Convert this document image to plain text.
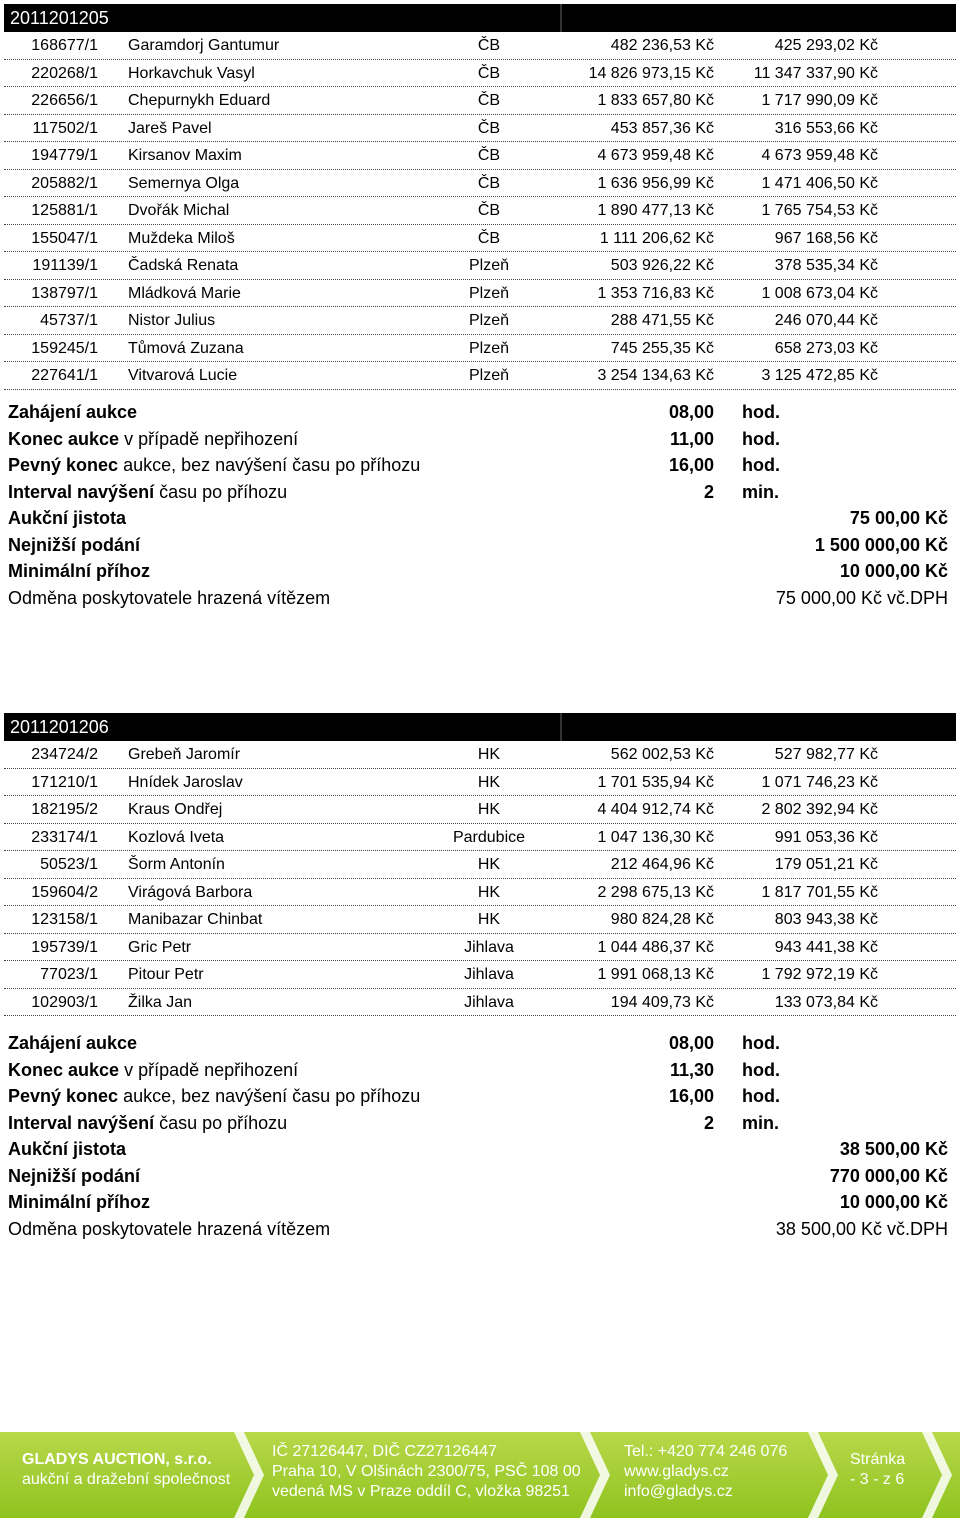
2011201205
168677/1 Garamdorj Gantumur	ČB	482 236,53 Kč	425 293,02 Kč
220268/1 Horkavchuk Vasyl	ČB	14 826 973,15 Kč	11 347 337,90 Kč
226656/1 Chepurnykh Eduard	ČB	1 833 657,80 Kč	1 717 990,09 Kč
117502/1 Jareš Pavel	ČB	453 857,36 Kč	316 553,66 Kč
194779/1 Kirsanov Maxim	ČB	4 673 959,48 Kč	4 673 959,48 Kč
205882/1 Semernya Olga	ČB	1 636 956,99 Kč	1 471 406,50 Kč
125881/1 Dvořák Michal	ČB	1 890 477,13 Kč	1 765 754,53 Kč
155047/1 Muždeka Miloš	ČB	1 111 206,62 Kč	967 168,56 Kč
191139/1 Čadská Renata	Plzeň	503 926,22 Kč	378 535,34 Kč
138797/1 Mládková Marie	Plzeň	1 353 716,83 Kč	1 008 673,04 Kč
45737/1 Nistor Julius	Plzeň	288 471,55 Kč	246 070,44 Kč
159245/1 Tůmová Zuzana	Plzeň	745 255,35 Kč	658 273,03 Kč
227641/1 Vitvarová Lucie	Plzeň	3 254 134,63 Kč	3 125 472,85 Kč
Zahájení aukce	08,00 hod.
Konec aukce v případě nepřihození	11,00 hod.
Pevný konec aukce, bez navýšení času po příhozu	16,00 hod.
Interval navýšení času po příhozu	2 min.
Aukční jistota	75 00,00 Kč
Nejnižší podání	1 500 000,00 Kč
Minimální příhoz	10 000,00 Kč
Odměna poskytovatele hrazená vítězem	75 000,00 Kč vč.DPH
2011201206
234724/2 Grebeň Jaromír	HK	562 002,53 Kč	527 982,77 Kč
171210/1 Hnídek Jaroslav	HK	1 701 535,94 Kč	1 071 746,23 Kč
182195/2 Kraus Ondřej	HK	4 404 912,74 Kč	2 802 392,94 Kč
233174/1 Kozlová Iveta	Pardubice	1 047 136,30 Kč	991 053,36 Kč
50523/1 Šorm Antonín	HK	212 464,96 Kč	179 051,21 Kč
159604/2 Virágová Barbora	HK	2 298 675,13 Kč	1 817 701,55 Kč
123158/1 Manibazar Chinbat	HK	980 824,28 Kč	803 943,38 Kč
195739/1 Gric Petr	Jihlava	1 044 486,37 Kč	943 441,38 Kč
77023/1 Pitour Petr	Jihlava	1 991 068,13 Kč	1 792 972,19 Kč
102903/1 Žilka Jan	Jihlava	194 409,73 Kč	133 073,84 Kč
Zahájení aukce	08,00 hod.
Konec aukce v případě nepřihození	11,30 hod.
Pevný konec aukce, bez navýšení času po příhozu	16,00 hod.
Interval navýšení času po příhozu	2 min.
Aukční jistota	38 500,00 Kč
Nejnižší podání	770 000,00 Kč
Minimální příhoz	10 000,00 Kč
Odměna poskytovatele hrazená vítězem	38 500,00 Kč vč.DPH
GLADYS AUCTION, s.r.o.
aukční a dražební společnost
IČ 27126447, DIČ CZ27126447
Praha 10, V Olšinách 2300/75, PSČ 108 00
vedená MS v Praze oddíl C, vložka 98251
Tel.: +420 774 246 076
www.gladys.cz
info@gladys.cz
Stránka
- 3 - z 6
